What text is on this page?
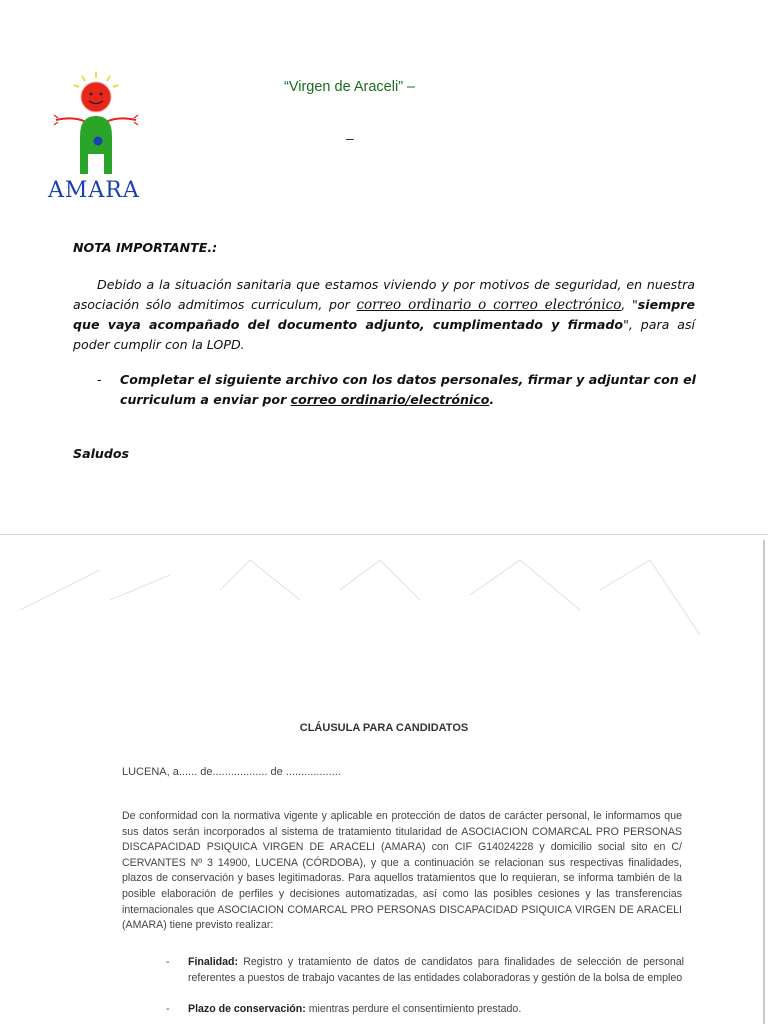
AMARA
“Virgen de Araceli” –
–
NOTA IMPORTANTE.:
Debido a la situación sanitaria que estamos viviendo y por motivos de seguridad, en nuestra asociación sólo admitimos curriculum, por correo ordinario o correo electrónico, "siempre que vaya acompañado del documento adjunto, cumplimentado y firmado", para así poder cumplir con la LOPD.
- Completar el siguiente archivo con los datos personales, firmar y adjuntar con el curriculum a enviar por correo ordinario/electrónico.
Saludos
CLÁUSULA PARA CANDIDATOS
LUCENA, a...... de.................. de ..................
De conformidad con la normativa vigente y aplicable en protección de datos de carácter personal, le informamos que sus datos serán incorporados al sistema de tratamiento titularidad de ASOCIACION COMARCAL PRO PERSONAS DISCAPACIDAD PSIQUICA VIRGEN DE ARACELI (AMARA) con CIF G14024228 y domicilio social sito en C/ CERVANTES Nº 3 14900, LUCENA (CÓRDOBA), y que a continuación se relacionan sus respectivas finalidades, plazos de conservación y bases legitimadoras. Para aquellos tratamientos que lo requieran, se informa también de la posible elaboración de perfiles y decisiones automatizadas, así como las posibles cesiones y las transferencias internacionales que ASOCIACION COMARCAL PRO PERSONAS DISCAPACIDAD PSIQUICA VIRGEN DE ARACELI (AMARA) tiene previsto realizar:
- Finalidad: Registro y tratamiento de datos de candidatos para finalidades de selección de personal referentes a puestos de trabajo vacantes de las entidades colaboradoras y gestión de la bolsa de empleo
- Plazo de conservación: mientras perdure el consentimiento prestado.
